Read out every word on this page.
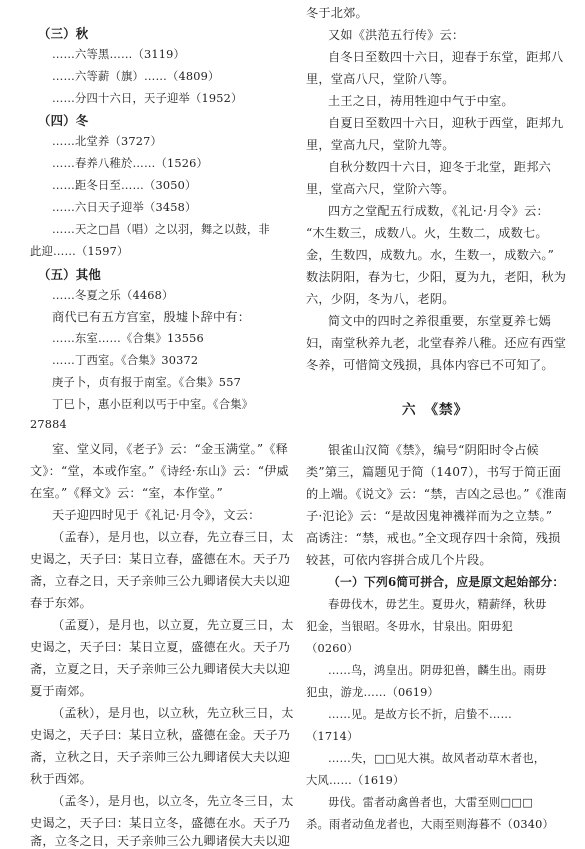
（三）秋
……六等黑……（3119）
……六等薪（旗）……（4809）
……分四十六日，天子迎举（1952）
（四）冬
……北堂养（3727）
……春养八稚於……（1526）
……距冬日至……（3050）
……六日天子迎举（3458）
……天之□昌（唱）之以羽，舞之以鼓，非
此迎……（1597）
（五）其他
……冬夏之乐（4468）
商代已有五方宫室，殷墟卜辞中有：
……东室……《合集》13556
……丁西室。《合集》30372
庚子卜，贞有报于南室。《合集》557
丁巳卜，惠小臣利以丐于中室。《合集》
27884
室、堂义同，《老子》云：“金玉满堂。”《释
文》：“堂，本或作室。”《诗经·东山》云：“伊威
在室。”《释文》云：“室，本作堂。”
天子迎四时见于《礼记·月令》，文云：
（孟春），是月也，以立春，先立春三日，太
史谒之，天子曰：某日立春，盛德在木。天子乃
斋，立春之日，天子亲帅三公九卿诸侯大夫以迎
春于东郊。
（孟夏），是月也，以立夏，先立夏三日，太
史谒之，天子曰：某日立夏，盛德在火。天子乃
斋，立夏之日，天子亲帅三公九卿诸侯大夫以迎
夏于南郊。
（孟秋），是月也，以立秋，先立秋三日，太
史谒之，天子曰：某日立秋，盛德在金。天子乃
斋，立秋之日，天子亲帅三公九卿诸侯大夫以迎
秋于西郊。
（孟冬），是月也，以立冬，先立冬三日，太
史谒之，天子曰：某日立冬，盛德在水。天子乃
斋，立冬之日，天子亲帅三公九卿诸侯大夫以迎
冬于北郊。
又如《洪范五行传》云：
自冬日至数四十六日，迎春于东堂，距邦八
里，堂高八尺，堂阶八等。
土王之日，祷用牲迎中气于中室。
自夏日至数四十六日，迎秋于西堂，距邦九
里，堂高九尺，堂阶九等。
自秋分数四十六日，迎冬于北堂，距邦六
里，堂高六尺，堂阶六等。
四方之堂配五行成数，《礼记·月令》云：
“木生数三，成数八。火，生数二，成数七。
金，生数四，成数九。水，生数一，成数六。”
数法阴阳，春为七，少阳，夏为九，老阳，秋为
六，少阴，冬为八，老阴。
简文中的四时之养很重要，东堂夏养七嫣
妇，南堂秋养九老，北堂春养八稚。还应有西堂
冬养，可惜简文残损，具体内容已不可知了。
六　《禁》
银雀山汉简《禁》，编号“阴阳时令占候
类”第三，篇题见于简（1407），书写于简正面
的上端。《说文》云：“禁，吉凶之忌也。”《淮南
子·氾论》云：“是故因鬼神禨祥而为之立禁。”
高诱注：“禁，戒也。”全文现存四十余简，残损
较甚，可依内容拼合成几个片段。
（一）下列6简可拼合，应是原文起始部分：
春毋伐木，毋艺生。夏毋火，精薪绎，秋毋
犯金，当银昭。冬毋水，甘泉出。阳毋犯
（0260）
……鸟，鸿皇出。阴毋犯兽，麟生出。雨毋
犯虫，游龙……（0619）
……见。是故方长不折，启蛰不……
（1714）
……失，□□见大祺。故风者动草木者也，
大风……（1619）
毋伐。雷者动禽兽者也，大雷至则□□□
杀。雨者动鱼龙者也，大雨至则海暮不（0340）
